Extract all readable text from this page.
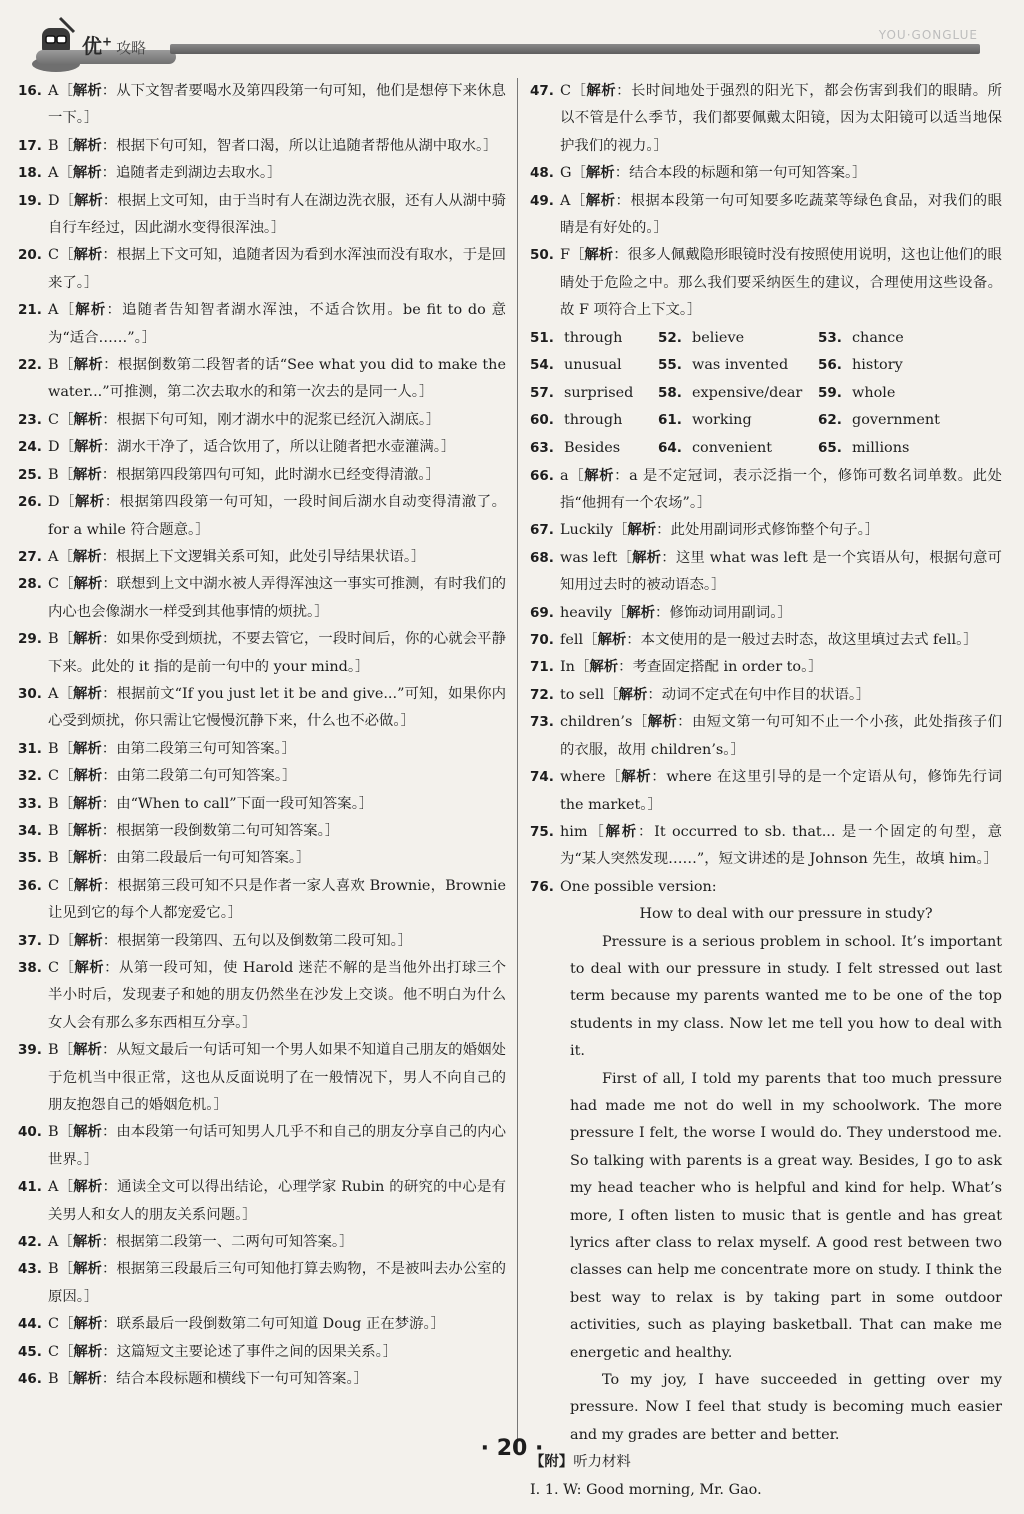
优+ 攻略
YOU·GONGLUE
16. A［解析：从下文智者要喝水及第四段第一句可知，他们是想停下来休息一下。］
17. B［解析：根据下句可知，智者口渴，所以让追随者帮他从湖中取水。］
18. A［解析：追随者走到湖边去取水。］
19. D［解析：根据上文可知，由于当时有人在湖边洗衣服，还有人从湖中骑自行车经过，因此湖水变得很浑浊。］
20. C［解析：根据上下文可知，追随者因为看到水浑浊而没有取水，于是回来了。］
21. A［解析：追随者告知智者湖水浑浊，不适合饮用。be fit to do 意为“适合……”。］
22. B［解析：根据倒数第二段智者的话“See what you did to make the water...”可推测，第二次去取水的和第一次去的是同一人。］
23. C［解析：根据下句可知，刚才湖水中的泥浆已经沉入湖底。］
24. D［解析：湖水干净了，适合饮用了，所以让随者把水壶灌满。］
25. B［解析：根据第四段第四句可知，此时湖水已经变得清澈。］
26. D［解析：根据第四段第一句可知，一段时间后湖水自动变得清澈了。for a while 符合题意。］
27. A［解析：根据上下文逻辑关系可知，此处引导结果状语。］
28. C［解析：联想到上文中湖水被人弄得浑浊这一事实可推测，有时我们的内心也会像湖水一样受到其他事情的烦扰。］
29. B［解析：如果你受到烦扰，不要去管它，一段时间后，你的心就会平静下来。此处的 it 指的是前一句中的 your mind。］
30. A［解析：根据前文“If you just let it be and give...”可知，如果你内心受到烦扰，你只需让它慢慢沉静下来，什么也不必做。］
31. B［解析：由第二段第三句可知答案。］
32. C［解析：由第二段第二句可知答案。］
33. B［解析：由“When to call”下面一段可知答案。］
34. B［解析：根据第一段倒数第二句可知答案。］
35. B［解析：由第二段最后一句可知答案。］
36. C［解析：根据第三段可知不只是作者一家人喜欢 Brownie，Brownie 让见到它的每个人都宠爱它。］
37. D［解析：根据第一段第四、五句以及倒数第二段可知。］
38. C［解析：从第一段可知，使 Harold 迷茫不解的是当他外出打球三个半小时后，发现妻子和她的朋友仍然坐在沙发上交谈。他不明白为什么女人会有那么多东西相互分享。］
39. B［解析：从短文最后一句话可知一个男人如果不知道自己朋友的婚姻处于危机当中很正常，这也从反面说明了在一般情况下，男人不向自己的朋友抱怨自己的婚姻危机。］
40. B［解析：由本段第一句话可知男人几乎不和自己的朋友分享自己的内心世界。］
41. A［解析：通读全文可以得出结论，心理学家 Rubin 的研究的中心是有关男人和女人的朋友关系问题。］
42. A［解析：根据第二段第一、二两句可知答案。］
43. B［解析：根据第三段最后三句可知他打算去购物，不是被叫去办公室的原因。］
44. C［解析：联系最后一段倒数第二句可知道 Doug 正在梦游。］
45. C［解析：这篇短文主要论述了事件之间的因果关系。］
46. B［解析：结合本段标题和横线下一句可知答案。］
47. C［解析：长时间地处于强烈的阳光下，都会伤害到我们的眼睛。所以不管是什么季节，我们都要佩戴太阳镜，因为太阳镜可以适当地保护我们的视力。］
48. G［解析：结合本段的标题和第一句可知答案。］
49. A［解析：根据本段第一句可知要多吃蔬菜等绿色食品，对我们的眼睛是有好处的。］
50. F［解析：很多人佩戴隐形眼镜时没有按照使用说明，这也让他们的眼睛处于危险之中。那么我们要采纳医生的建议，合理使用这些设备。故 F 项符合上下文。］
51. through	52. believe	53. chance
54. unusual	55. was invented 56. history
57. surprised 58. expensive/dear 59. whole
60. through	61. working	62. government
63. Besides	64. convenient	65. millions
66. a［解析：a 是不定冠词，表示泛指一个，修饰可数名词单数。此处指“他拥有一个农场”。］
67. Luckily［解析：此处用副词形式修饰整个句子。］
68. was left［解析：这里 what was left 是一个宾语从句，根据句意可知用过去时的被动语态。］
69. heavily［解析：修饰动词用副词。］
70. fell［解析：本文使用的是一般过去时态，故这里填过去式 fell。］
71. In［解析：考查固定搭配 in order to。］
72. to sell［解析：动词不定式在句中作目的状语。］
73. children’s［解析：由短文第一句可知不止一个小孩，此处指孩子们的衣服，故用 children’s。］
74. where［解析：where 在这里引导的是一个定语从句，修饰先行词 the market。］
75. him［解析：It occurred to sb. that... 是一个固定的句型，意为“某人突然发现……”，短文讲述的是 Johnson 先生，故填 him。］
76. One possible version:
How to deal with our pressure in study?

Pressure is a serious problem in school. It’s important to deal with our pressure in study. I felt stressed out last term because my parents wanted me to be one of the top students in my class. Now let me tell you how to deal with it.

First of all, I told my parents that too much pressure had made me not do well in my schoolwork. The more pressure I felt, the worse I would do. They understood me. So talking with parents is a great way. Besides, I go to ask my head teacher who is helpful and kind for help. What’s more, I often listen to music that is gentle and has great lyrics after class to relax myself. A good rest between two classes can help me concentrate more on study. I think the best way to relax is by taking part in some outdoor activities, such as playing basketball. That can make me energetic and healthy.

To my joy, I have succeeded in getting over my pressure. Now I feel that study is becoming much easier and my grades are better and better.

【附】听力材料
Ⅰ. 1. W: Good morning, Mr. Gao.
· 20 ·
